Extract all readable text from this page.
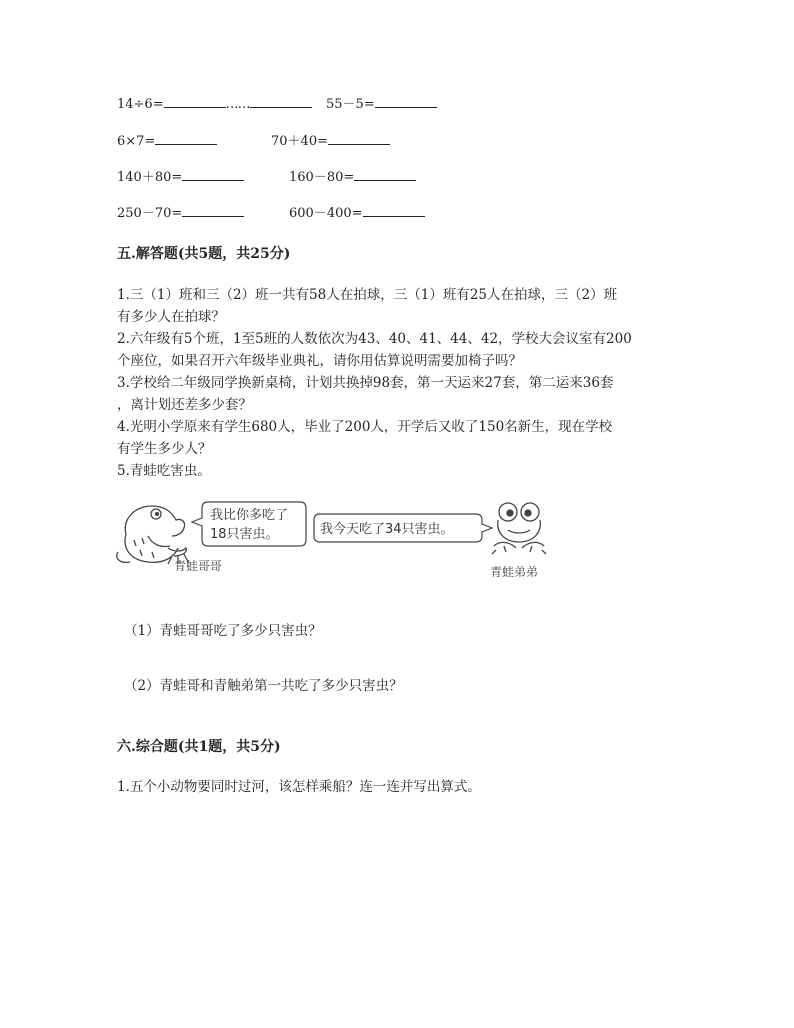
14÷6=	……	55－5=
6×7=	70＋40=
140＋80=	160－80=
250－70=	600－400=
五.解答题(共5题，共25分)
1.三（1）班和三（2）班一共有58人在拍球，三（1）班有25人在拍球，三（2）班
有多少人在拍球？
2.六年级有5个班，1至5班的人数依次为43、40、41、44、42，学校大会议室有200
个座位，如果召开六年级毕业典礼，请你用估算说明需要加椅子吗？
3.学校给二年级同学换新桌椅，计划共换掉98套，第一天运来27套，第二运来36套
，离计划还差多少套？
4.光明小学原来有学生680人，毕业了200人，开学后又收了150名新生，现在学校
有学生多少人？
5.青蛙吃害虫。
青蛙哥哥
我比你多吃了
18只害虫。	我今天吃了34只害虫。
青蛙弟弟
（1）青蛙哥哥吃了多少只害虫？
（2）青蛙哥和青触弟第一共吃了多少只害虫？
六.综合题(共1题，共5分)
1.五个小动物要同时过河，该怎样乘船？连一连并写出算式。
